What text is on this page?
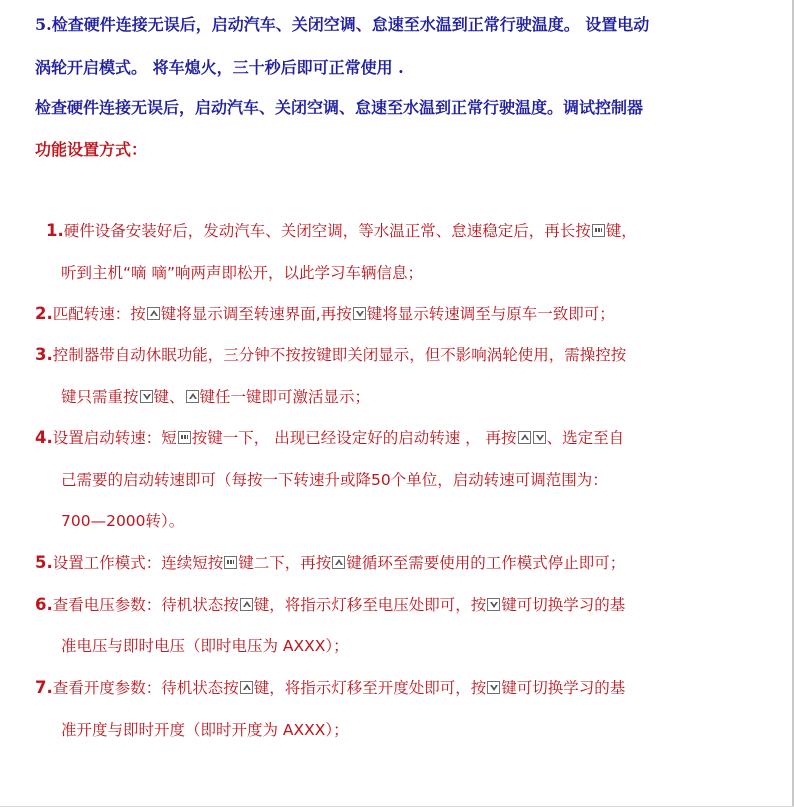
5.检查硬件连接无误后，启动汽车、关闭空调、怠速至水温到正常行驶温度。 设置电动
涡轮开启模式。 将车熄火，三十秒后即可正常使用 .
检查硬件连接无误后，启动汽车、关闭空调、怠速至水温到正常行驶温度。调试控制器
功能设置方式：
1.硬件设备安装好后，发动汽车、关闭空调，等水温正常、怠速稳定后，再长按 键，
听到主机“嘀 嘀”响两声即松开，以此学习车辆信息；
2.匹配转速：按 键将显示调至转速界面,再按 键将显示转速调至与原车一致即可；
3.控制器带自动休眠功能，三分钟不按按键即关闭显示，但不影响涡轮使用，需操控按
键只需重按 键、 键任一键即可激活显示；
4.设置启动转速：短 按键一下， 出现已经设定好的启动转速 ， 再按 、选定至自
己需要的启动转速即可（每按一下转速升或降50个单位，启动转速可调范围为：
700—2000转）。
5.设置工作模式：连续短按 键二下，再按 键循环至需要使用的工作模式停止即可；
6.查看电压参数：待机状态按 键，将指示灯移至电压处即可，按 键可切换学习的基
准电压与即时电压（即时电压为 AXXX）；
7.查看开度参数：待机状态按 键，将指示灯移至开度处即可，按 键可切换学习的基
准开度与即时开度（即时开度为 AXXX）；
